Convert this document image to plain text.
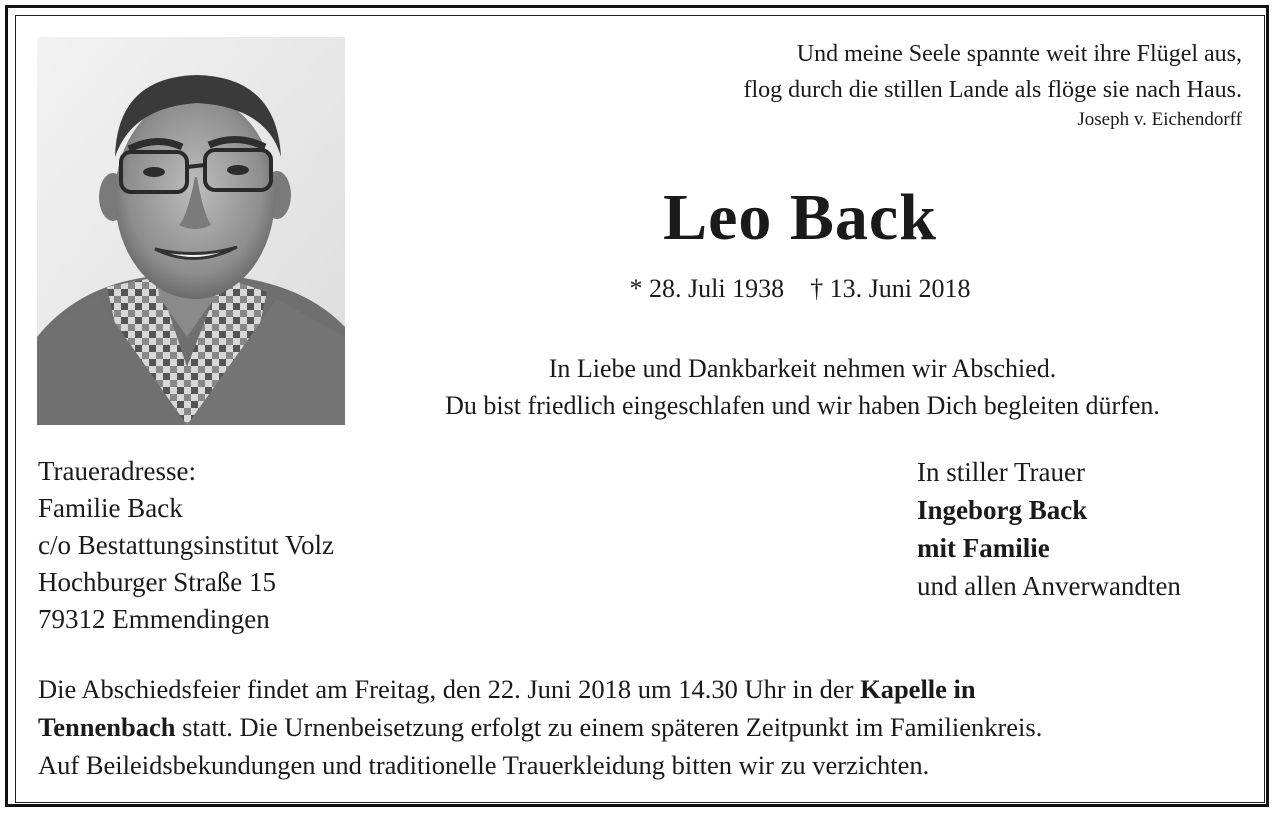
Und meine Seele spannte weit ihre Flügel aus,
flog durch die stillen Lande als flöge sie nach Haus.
Joseph v. Eichendorff
Leo Back
* 28. Juli 1938 † 13. Juni 2018
In Liebe und Dankbarkeit nehmen wir Abschied.
Du bist friedlich eingeschlafen und wir haben Dich begleiten dürfen.
Traueradresse:
Familie Back
c/o Bestattungsinstitut Volz
Hochburger Straße 15
79312 Emmendingen
In stiller Trauer
Ingeborg Back
mit Familie
und allen Anverwandten
Die Abschiedsfeier findet am Freitag, den 22. Juni 2018 um 14.30 Uhr in der Kapelle in
Tennenbach statt. Die Urnenbeisetzung erfolgt zu einem späteren Zeitpunkt im Familienkreis.
Auf Beileidsbekundungen und traditionelle Trauerkleidung bitten wir zu verzichten.
